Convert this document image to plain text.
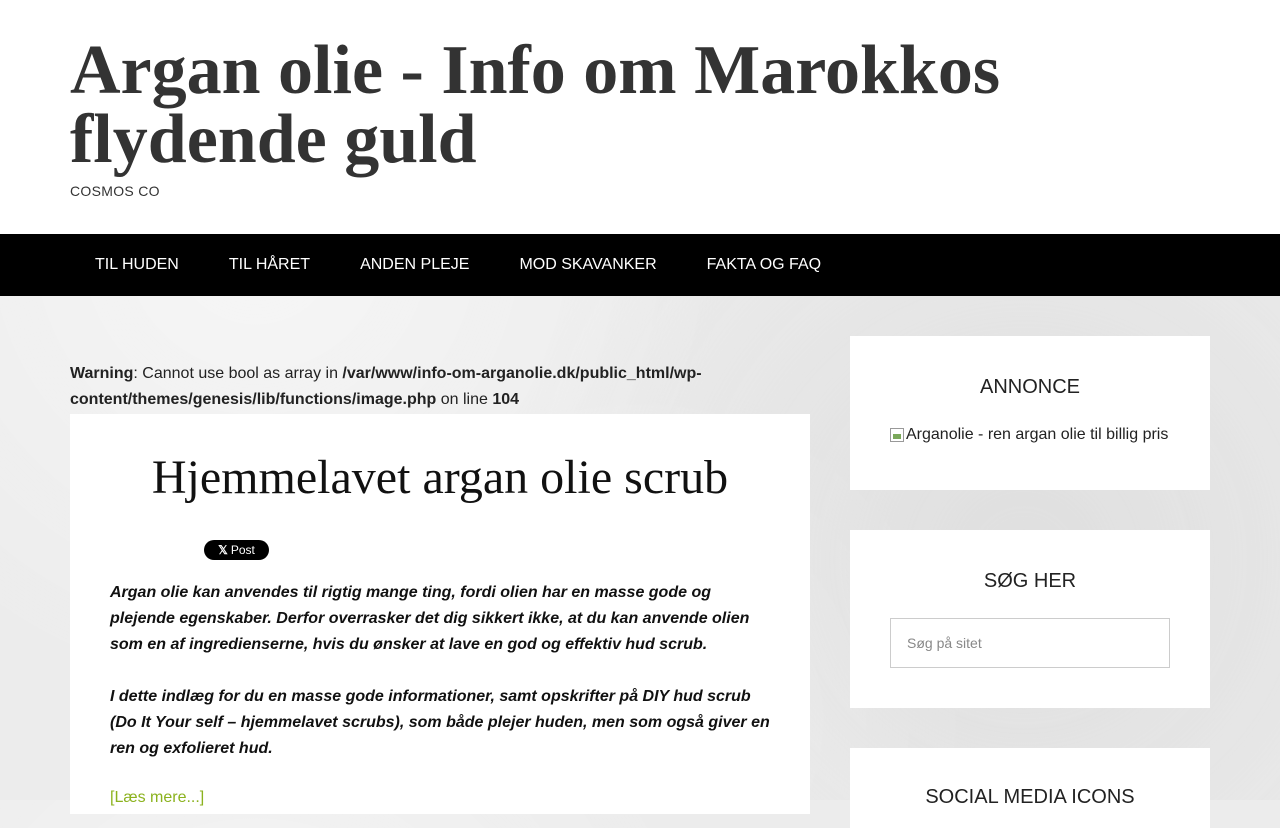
Argan olie - Info om Marokkos flydende guld
COSMOS CO
TIL HUDEN	TIL HÅRET	ANDEN PLEJE	MOD SKAVANKER	FAKTA OG FAQ
Warning: Cannot use bool as array in /var/www/info-om-arganolie.dk/public_html/wp-content/themes/genesis/lib/functions/image.php on line 104
Hjemmelavet argan olie scrub
𝕏 Post

Argan olie kan anvendes til rigtig mange ting, fordi olien har en masse gode og plejende egenskaber. Derfor overrasker det dig sikkert ikke, at du kan anvende olien som en af ingredienserne, hvis du ønsker at lave en god og effektiv hud scrub.

I dette indlæg for du en masse gode informationer, samt opskrifter på DIY hud scrub (Do It Your self – hjemmelavet scrubs), som både plejer huden, men som også giver en ren og exfolieret hud.

[Læs mere...]
ANNONCE
Arganolie - ren argan olie til billig pris
SØG HER
Søg på sitet
SOCIAL MEDIA ICONS
